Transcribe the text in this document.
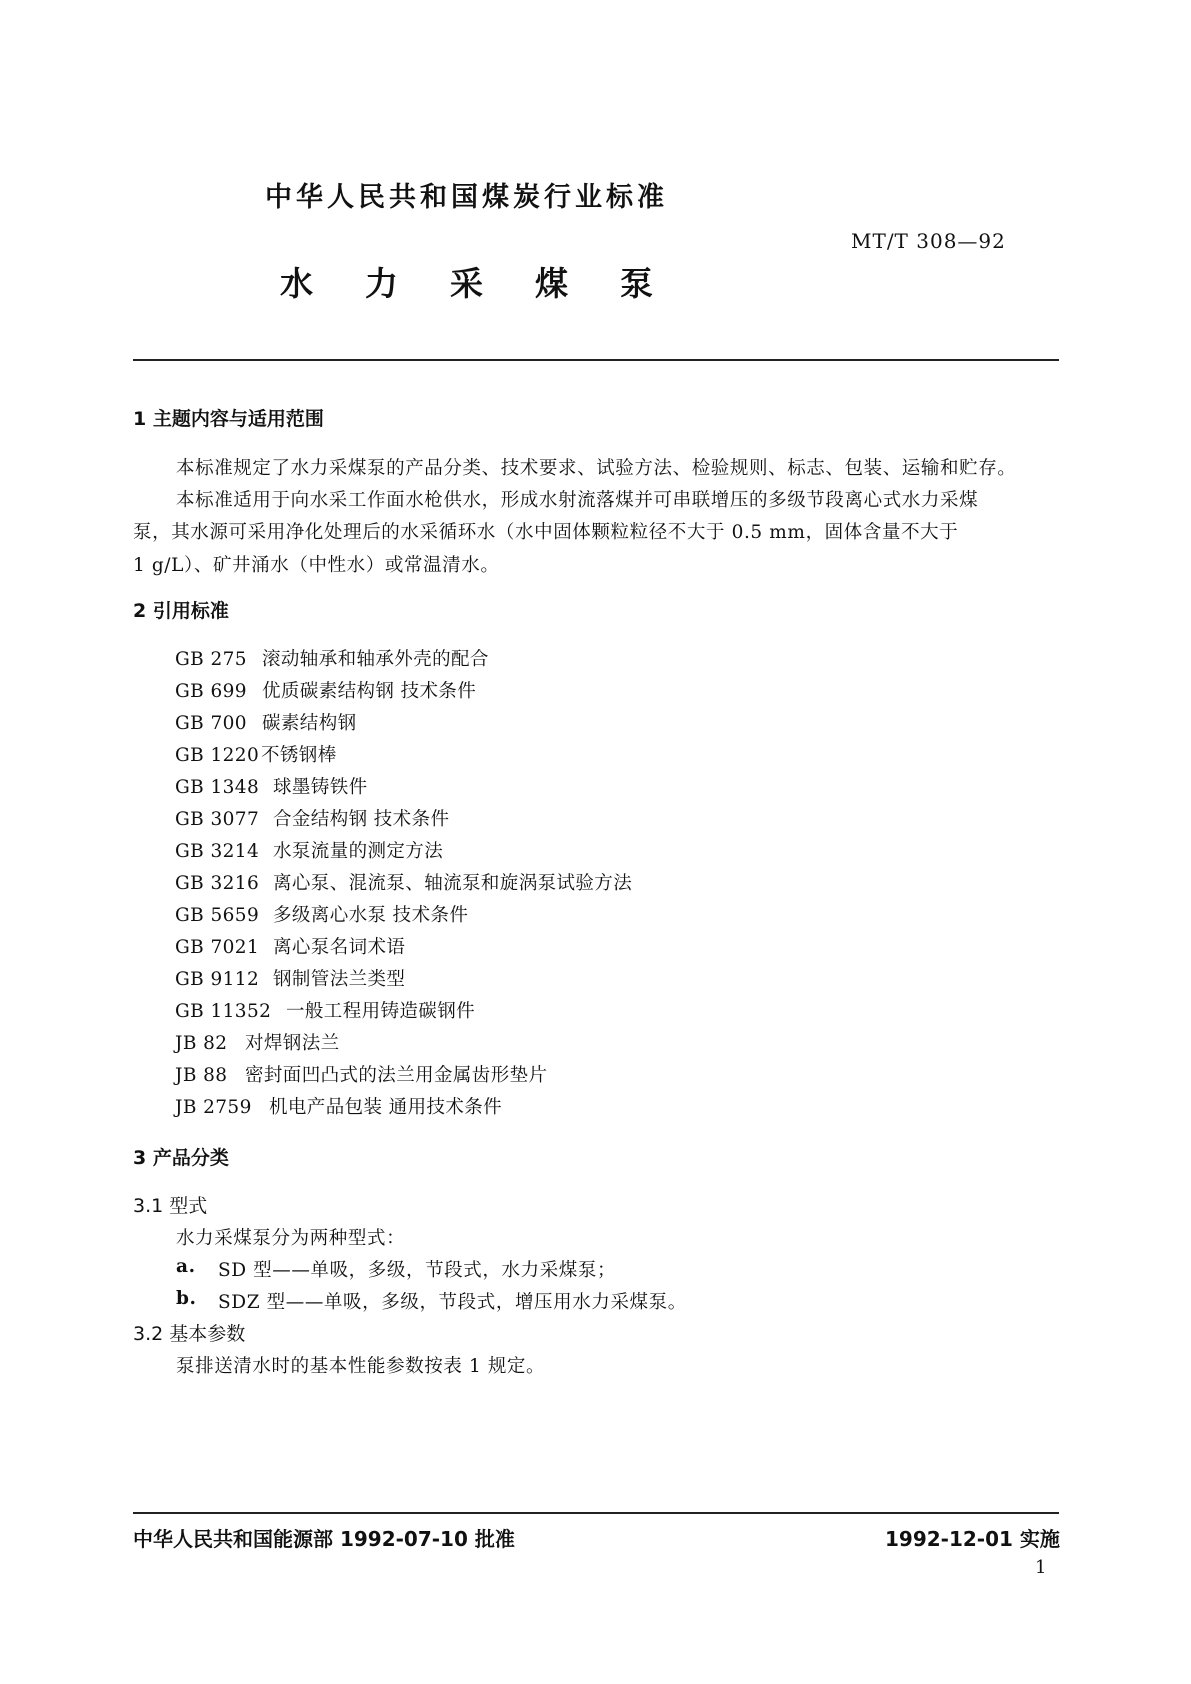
中华人民共和国煤炭行业标准
MT/T 308—92
水力采煤泵
1 主题内容与适用范围
本标准规定了水力采煤泵的产品分类、技术要求、试验方法、检验规则、标志、包装、运输和贮存。
本标准适用于向水采工作面水枪供水，形成水射流落煤并可串联增压的多级节段离心式水力采煤
泵，其水源可采用净化处理后的水采循环水（水中固体颗粒粒径不大于 0.5 mm，固体含量不大于
1 g/L）、矿井涌水（中性水）或常温清水。
2 引用标准
GB 275 滚动轴承和轴承外壳的配合
GB 699 优质碳素结构钢 技术条件
GB 700 碳素结构钢
GB 1220 不锈钢棒
GB 1348 球墨铸铁件
GB 3077 合金结构钢 技术条件
GB 3214 水泵流量的测定方法
GB 3216 离心泵、混流泵、轴流泵和旋涡泵试验方法
GB 5659 多级离心水泵 技术条件
GB 7021 离心泵名词术语
GB 9112 钢制管法兰类型
GB 11352 一般工程用铸造碳钢件
JB 82 对焊钢法兰
JB 88 密封面凹凸式的法兰用金属齿形垫片
JB 2759 机电产品包装 通用技术条件
3 产品分类
3.1 型式
水力采煤泵分为两种型式：
a. SD 型——单吸，多级，节段式，水力采煤泵；
b. SDZ 型——单吸，多级，节段式，增压用水力采煤泵。
3.2 基本参数
泵排送清水时的基本性能参数按表 1 规定。
中华人民共和国能源部 1992-07-10 批准	1992-12-01 实施
1
